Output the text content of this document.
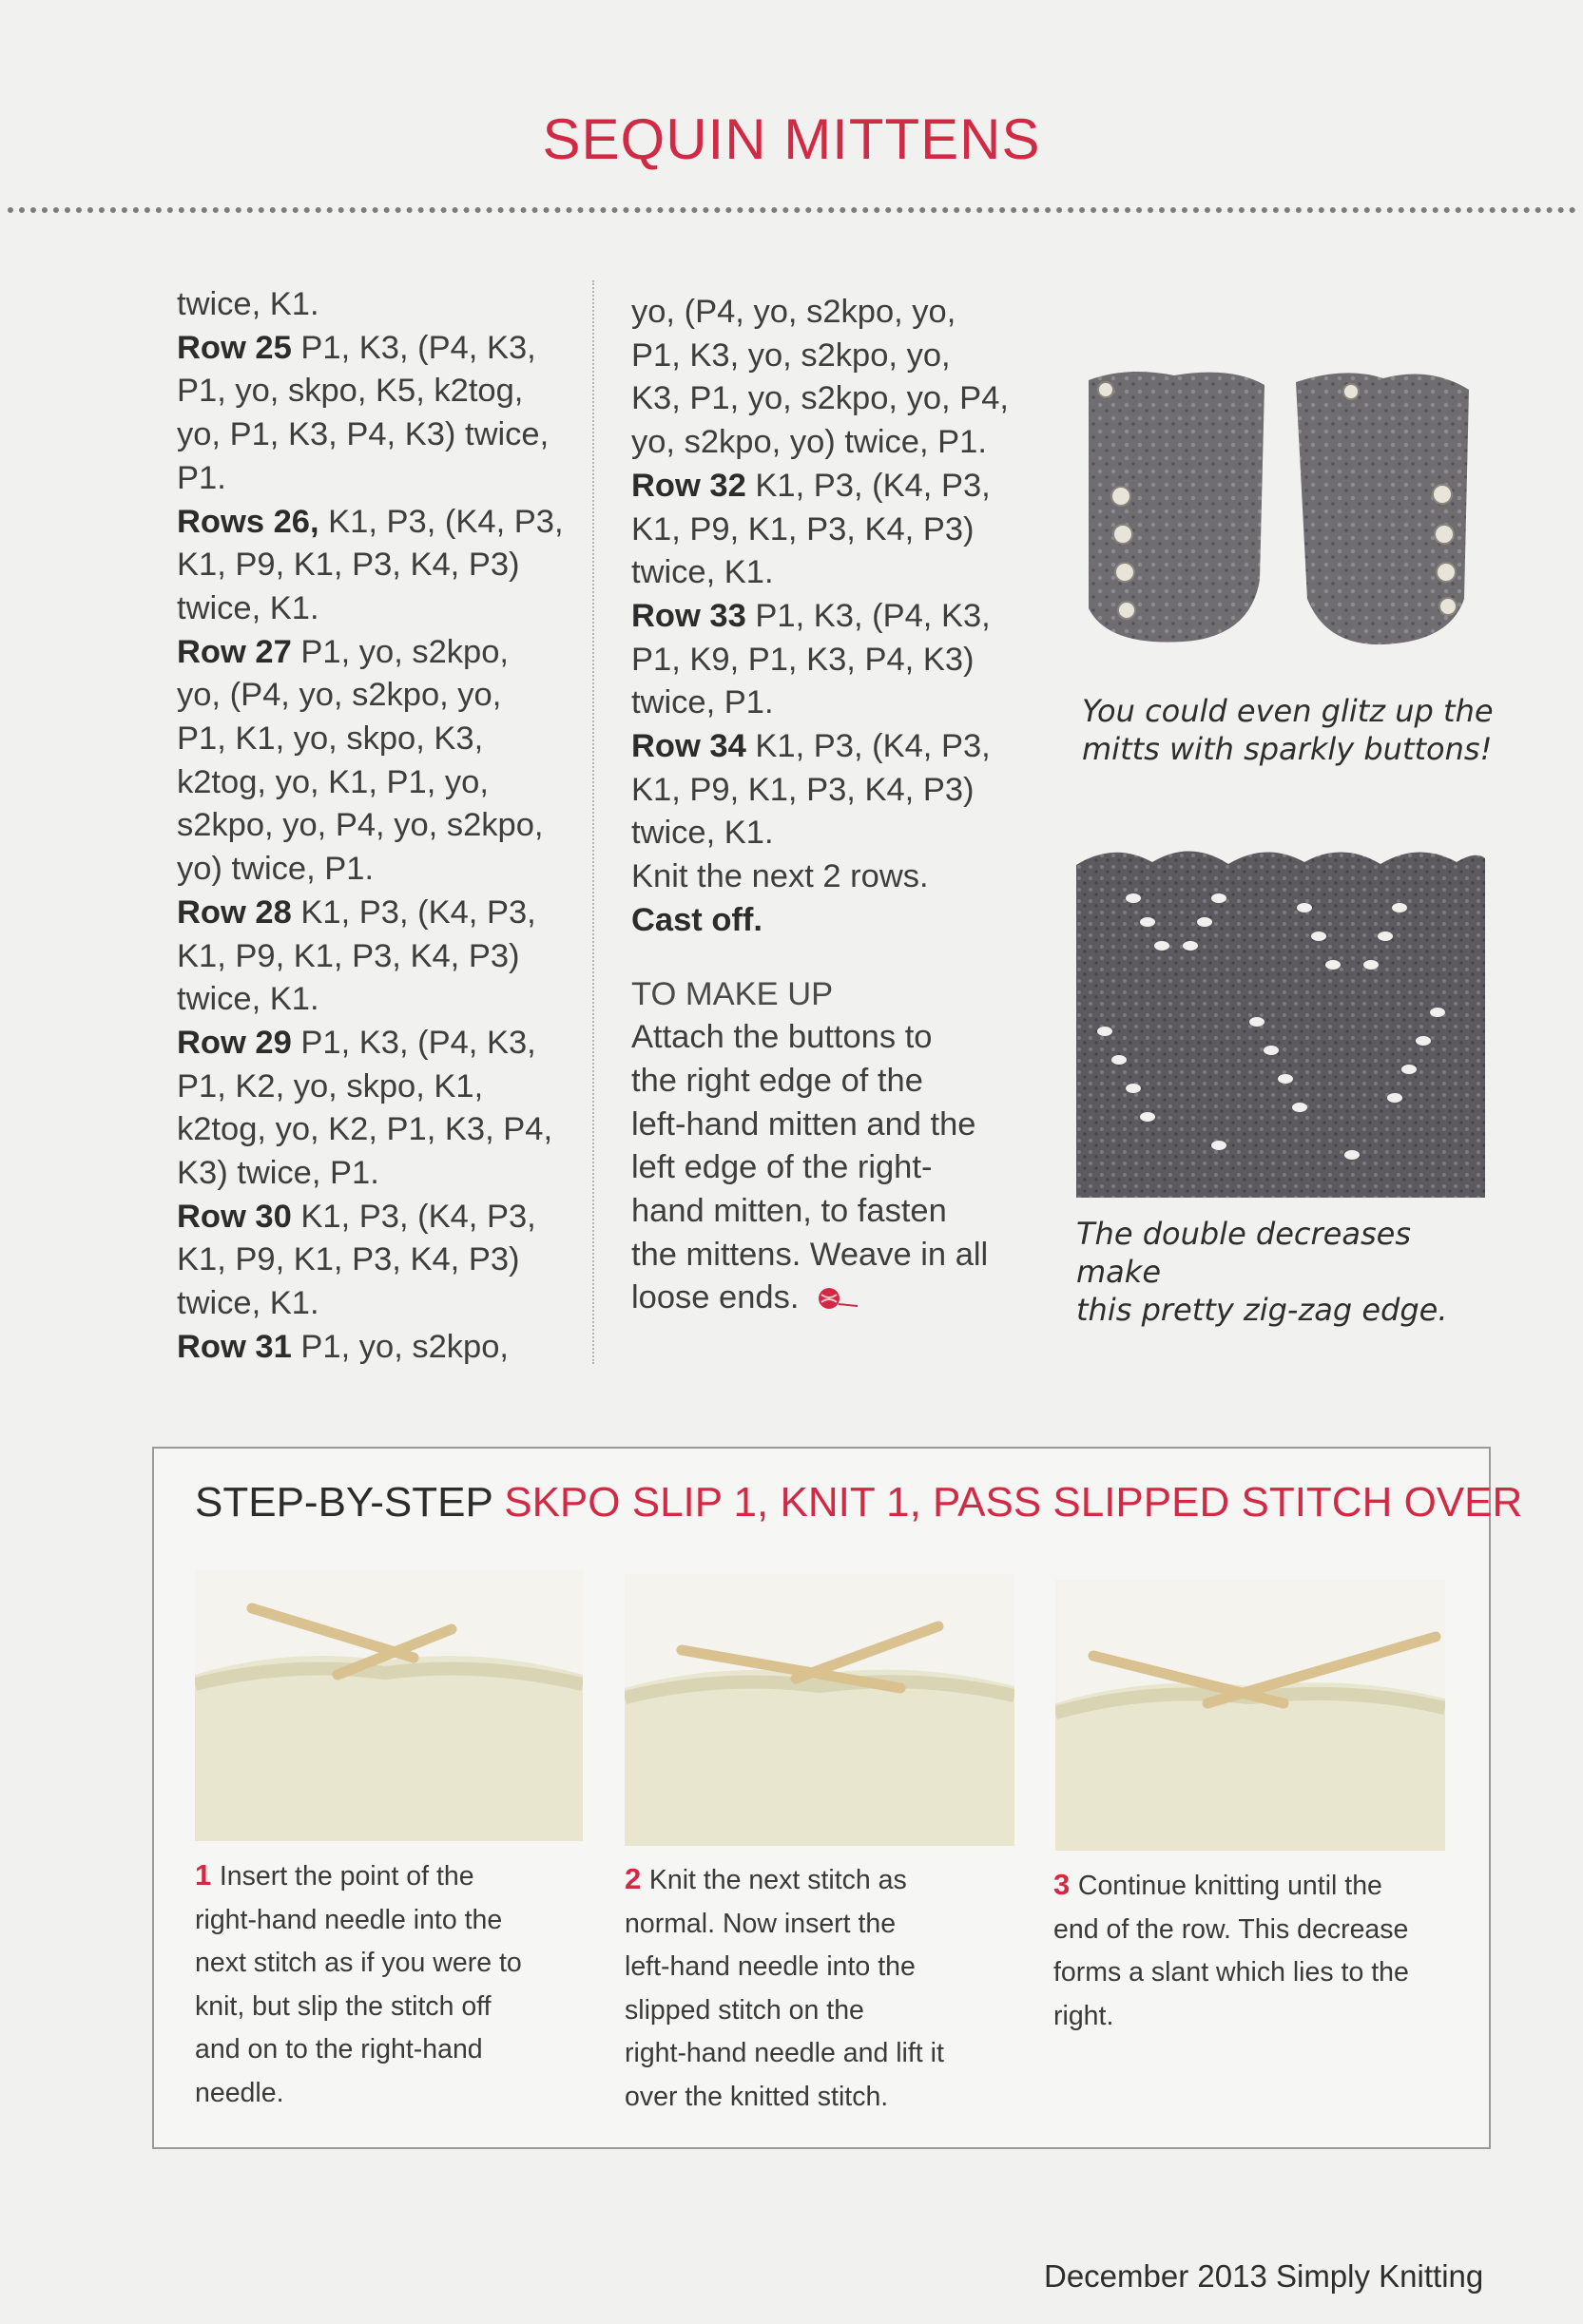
SEQUIN MITTENS
twice, K1.
Row 25 P1, K3, (P4, K3,
P1, yo, skpo, K5, k2tog,
yo, P1, K3, P4, K3) twice,
P1.
Rows 26, K1, P3, (K4, P3,
K1, P9, K1, P3, K4, P3)
twice, K1.
Row 27 P1, yo, s2kpo,
yo, (P4, yo, s2kpo, yo,
P1, K1, yo, skpo, K3,
k2tog, yo, K1, P1, yo,
s2kpo, yo, P4, yo, s2kpo,
yo) twice, P1.
Row 28 K1, P3, (K4, P3,
K1, P9, K1, P3, K4, P3)
twice, K1.
Row 29 P1, K3, (P4, K3,
P1, K2, yo, skpo, K1,
k2tog, yo, K2, P1, K3, P4,
K3) twice, P1.
Row 30 K1, P3, (K4, P3,
K1, P9, K1, P3, K4, P3)
twice, K1.
Row 31 P1, yo, s2kpo,
yo, (P4, yo, s2kpo, yo,
P1, K3, yo, s2kpo, yo,
K3, P1, yo, s2kpo, yo, P4,
yo, s2kpo, yo) twice, P1.
Row 32 K1, P3, (K4, P3,
K1, P9, K1, P3, K4, P3)
twice, K1.
Row 33 P1, K3, (P4, K3,
P1, K9, P1, K3, P4, K3)
twice, P1.
Row 34 K1, P3, (K4, P3,
K1, P9, K1, P3, K4, P3)
twice, K1.
Knit the next 2 rows.
Cast off.
TO MAKE UP
Attach the buttons to
the right edge of the
left-hand mitten and the
left edge of the right-
hand mitten, to fasten
the mittens. Weave in all
loose ends.
You could even glitz up the
mitts with sparkly buttons!
The double decreases make
this pretty zig-zag edge.
STEP-BY-STEP SKPO SLIP 1, KNIT 1, PASS SLIPPED STITCH OVER
1 Insert the point of the
right-hand needle into the
next stitch as if you were to
knit, but slip the stitch off
and on to the right-hand
needle.
2 Knit the next stitch as
normal. Now insert the
left-hand needle into the
slipped stitch on the
right-hand needle and lift it
over the knitted stitch.
3 Continue knitting until the
end of the row. This decrease
forms a slant which lies to the
right.
December 2013 Simply Knitting
